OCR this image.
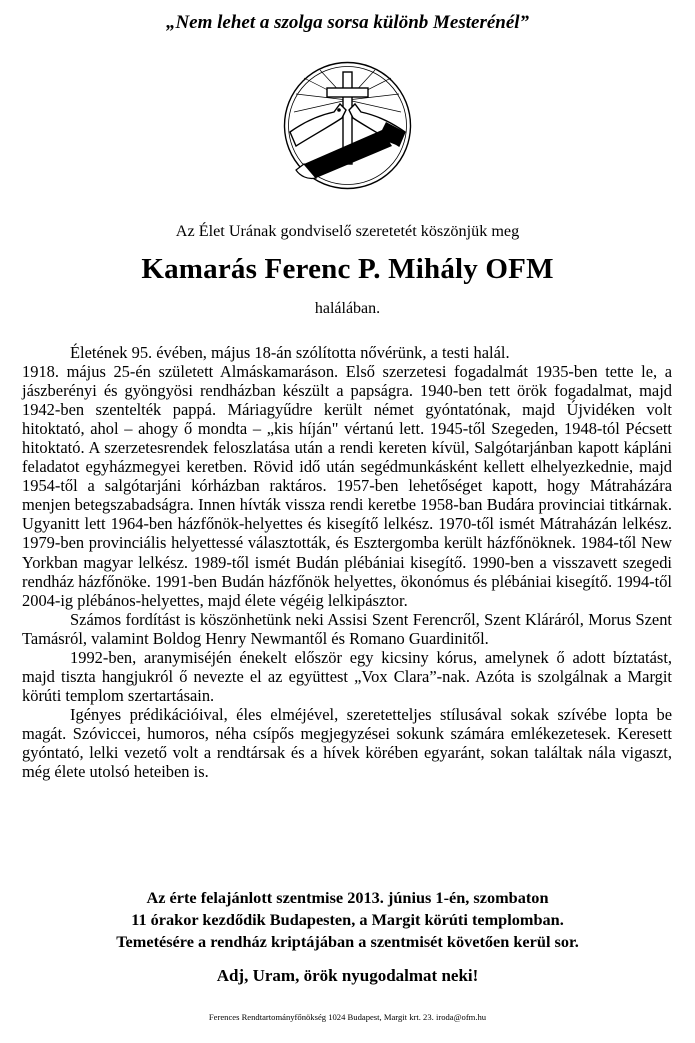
„Nem lehet a szolga sorsa különb Mesterénél”
Az Élet Urának gondviselő szeretetét köszönjük meg
Kamarás Ferenc P. Mihály OFM
halálában.

Életének 95. évében, május 18-án szólította nővérünk, a testi halál.

1918. május 25-én született Almáskamaráson. Első szerzetesi fogadalmát 1935-ben tette le, a jászberényi és gyöngyösi rendházban készült a papságra. 1940-ben tett örök fogadalmat, majd 1942-ben szentelték pappá. Máriagyűdre került német gyóntatónak, majd Újvidéken volt hitoktató, ahol – ahogy ő mondta – „kis híján" vértanú lett. 1945-től Szegeden, 1948-tól Pécsett hitoktató. A szerzetesrendek feloszlatása után a rendi kereten kívül, Salgótarjánban kapott kápláni feladatot egyházmegyei keretben. Rövid idő után segédmunkásként kellett elhelyezkednie, majd 1954-től a salgótarjáni kórházban raktáros. 1957-ben lehetőséget kapott, hogy Mátraházára menjen betegszabadságra. Innen hívták vissza rendi keretbe 1958-ban Budára provinciai titkárnak. Ugyanitt lett 1964-ben házfőnök-helyettes és kisegítő lelkész. 1970-től ismét Mátraházán lelkész. 1979-ben provinciális helyettessé választották, és Esztergomba került házfőnöknek. 1984-től New Yorkban magyar lelkész. 1989-től ismét Budán plébániai kisegítő. 1990-ben a visszavett szegedi rendház házfőnöke. 1991-ben Budán házfőnök helyettes, ökonómus és plébániai kisegítő. 1994-től 2004-ig plébános-helyettes, majd élete végéig lelkipásztor.

Számos fordítást is köszönhetünk neki Assisi Szent Ferencről, Szent Kláráról, Morus Szent Tamásról, valamint Boldog Henry Newmantől és Romano Guardinitől.

1992-ben, aranymiséjén énekelt először egy kicsiny kórus, amelynek ő adott bíztatást, majd tiszta hangjukról ő nevezte el az együttest „Vox Clara”-nak. Azóta is szolgálnak a Margit körúti templom szertartásain.

Igényes prédikációival, éles elméjével, szeretetteljes stílusával sokak szívébe lopta be magát. Szóviccei, humoros, néha csípős megjegyzései sokunk számára emlékezetesek. Keresett gyóntató, lelki vezető volt a rendtársak és a hívek körében egyaránt, sokan találtak nála vigaszt, még élete utolsó heteiben is.

Az érte felajánlott szentmise 2013. június 1-én, szombaton
11 órakor kezdődik Budapesten, a Margit körúti templomban.
Temetésére a rendház kriptájában a szentmisét követően kerül sor.
Adj, Uram, örök nyugodalmat neki!
Ferences Rendtartományfőnökség 1024 Budapest, Margit krt. 23. iroda@ofm.hu
